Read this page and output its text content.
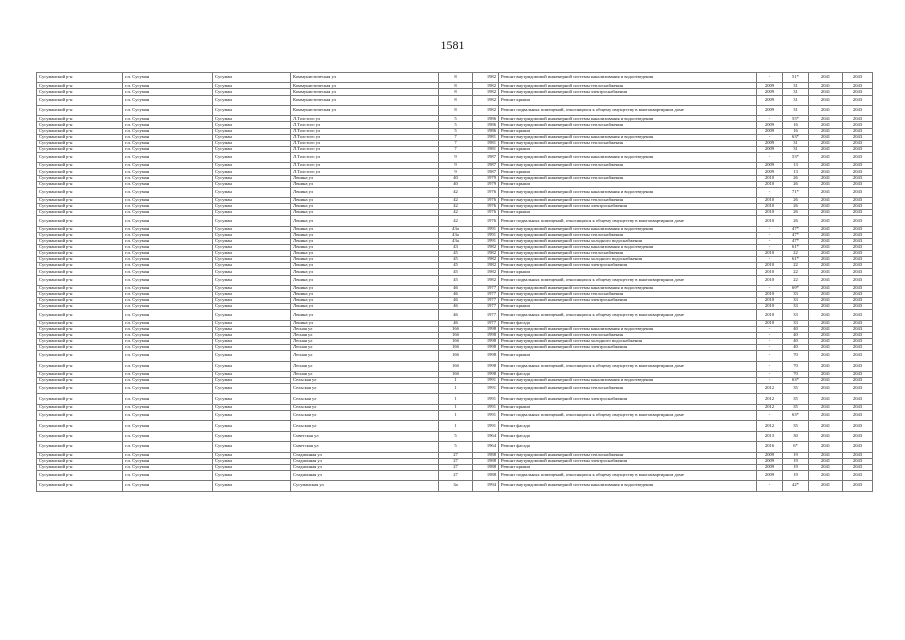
1581
Сусуманский р-н	г.п. Сусуман	Сусуман	Коммунистическая ул	8	1982	Ремонт внутридомовой инженерной системы канализования и водоотведения	-	51*	2041	2043
Сусуманский р-н	г.п. Сусуман	Сусуман	Коммунистическая ул	8	1982	Ремонт внутридомовой инженерной системы теплоснабжения	2009	31	2041	2043
Сусуманский р-н	г.п. Сусуман	Сусуман	Коммунистическая ул	8	1982	Ремонт внутридомовой инженерной системы электроснабжения	2009	31	2041	2043
Сусуманский р-н	г.п. Сусуман	Сусуман	Коммунистическая ул	8	1982	Ремонт крыши	2009	31	2041	2043
Сусуманский р-н	г.п. Сусуман	Сусуман	Коммунистическая ул	8	1982	Ремонт подвальных помещений, относящихся к общему имуществу в многоквартирном доме	2009	31	2041	2043
Сусуманский р-н	г.п. Сусуман	Сусуман	Л.Толстого ул	5	1986	Ремонт внутридомовой инженерной системы канализования и водоотведения	-	55*	2041	2043
Сусуманский р-н	г.п. Сусуман	Сусуман	Л.Толстого ул	5	1986	Ремонт внутридомовой инженерной системы теплоснабжения	2009	16	2041	2043
Сусуманский р-н	г.п. Сусуман	Сусуман	Л.Толстого ул	5	1986	Ремонт крыши	2009	16	2041	2043
Сусуманский р-н	г.п. Сусуман	Сусуман	Л.Толстого ул	7	1981	Ремонт внутридомовой инженерной системы канализования и водоотведения	-	63*	2041	2043
Сусуманский р-н	г.п. Сусуман	Сусуман	Л.Толстого ул	7	1981	Ремонт внутридомовой инженерной системы теплоснабжения	2009	31	2041	2043
Сусуманский р-н	г.п. Сусуман	Сусуман	Л.Толстого ул	7	1981	Ремонт крыши	2009	31	2041	2043
Сусуманский р-н	г.п. Сусуман	Сусуман	Л.Толстого ул	9	1987	Ремонт внутридомовой инженерной системы канализования и водоотведения	-	53*	2041	2043
Сусуманский р-н	г.п. Сусуман	Сусуман	Л.Толстого ул	9	1987	Ремонт внутридомовой инженерной системы теплоснабжения	2009	13	2041	2043
Сусуманский р-н	г.п. Сусуман	Сусуман	Л.Толстого ул	9	1987	Ремонт крыши	2009	13	2041	2043
Сусуманский р-н	г.п. Сусуман	Сусуман	Ленина ул	40	1979	Ремонт внутридомовой инженерной системы теплоснабжения	2010	26	2041	2043
Сусуманский р-н	г.п. Сусуман	Сусуман	Ленина ул	40	1979	Ремонт крыши	2010	26	2041	2043
Сусуманский р-н	г.п. Сусуман	Сусуман	Ленина ул	42	1976	Ремонт внутридомовой инженерной системы канализования и водоотведения	-	71*	2041	2043
Сусуманский р-н	г.п. Сусуман	Сусуман	Ленина ул	42	1976	Ремонт внутридомовой инженерной системы теплоснабжения	2010	26	2041	2043
Сусуманский р-н	г.п. Сусуман	Сусуман	Ленина ул	42	1976	Ремонт внутридомовой инженерной системы электроснабжения	2010	26	2041	2043
Сусуманский р-н	г.п. Сусуман	Сусуман	Ленина ул	42	1976	Ремонт крыши	2010	26	2041	2043
Сусуманский р-н	г.п. Сусуман	Сусуман	Ленина ул	42	1976	Ремонт подвальных помещений, относящихся к общему имуществу в многоквартирном доме	2010	26	2041	2043
Сусуманский р-н	г.п. Сусуман	Сусуман	Ленина ул	43а	1991	Ремонт внутридомовой инженерной системы канализования и водоотведения	-	47*	2041	2043
Сусуманский р-н	г.п. Сусуман	Сусуман	Ленина ул	43а	1991	Ремонт внутридомовой инженерной системы теплоснабжения	-	47*	2041	2043
Сусуманский р-н	г.п. Сусуман	Сусуман	Ленина ул	43а	1991	Ремонт внутридомовой инженерной системы холодного водоснабжения	-	47*	2041	2043
Сусуманский р-н	г.п. Сусуман	Сусуман	Ленина ул	43	1982	Ремонт внутридомовой инженерной системы канализования и водоотведения	-	61*	2041	2043
Сусуманский р-н	г.п. Сусуман	Сусуман	Ленина ул	45	1982	Ремонт внутридомовой инженерной системы теплоснабжения	2010	22	2041	2043
Сусуманский р-н	г.п. Сусуман	Сусуман	Ленина ул	45	1982	Ремонт внутридомовой инженерной системы холодного водоснабжения	-	61*	2041	2043
Сусуманский р-н	г.п. Сусуман	Сусуман	Ленина ул	45	1982	Ремонт внутридомовой инженерной системы электроснабжения	2010	22	2041	2043
Сусуманский р-н	г.п. Сусуман	Сусуман	Ленина ул	45	1982	Ремонт крыши	2010	22	2041	2043
Сусуманский р-н	г.п. Сусуман	Сусуман	Ленина ул	45	1982	Ремонт подвальных помещений, относящихся к общему имуществу в многоквартирном доме	2010	22	2041	2043
Сусуманский р-н	г.п. Сусуман	Сусуман	Ленина ул	46	1977	Ремонт внутридомовой инженерной системы канализования и водоотведения	-	69*	2041	2043
Сусуманский р-н	г.п. Сусуман	Сусуман	Ленина ул	46	1977	Ремонт внутридомовой инженерной системы теплоснабжения	2010	33	2041	2043
Сусуманский р-н	г.п. Сусуман	Сусуман	Ленина ул	46	1977	Ремонт внутридомовой инженерной системы электроснабжения	2010	33	2041	2043
Сусуманский р-н	г.п. Сусуман	Сусуман	Ленина ул	46	1977	Ремонт крыши	2010	33	2041	2043
Сусуманский р-н	г.п. Сусуман	Сусуман	Ленина ул	46	1977	Ремонт подвальных помещений, относящихся к общему имуществу в многоквартирном доме	2010	33	2041	2043
Сусуманский р-н	г.п. Сусуман	Сусуман	Ленина ул	46	1977	Ремонт фасада	2010	33	2041	2043
Сусуманский р-н	г.п. Сусуман	Сусуман	Лесная ул	16б	1998	Ремонт внутридомовой инженерной системы канализования и водоотведения	-	40	2041	2043
Сусуманский р-н	г.п. Сусуман	Сусуман	Лесная ул	16б	1998	Ремонт внутридомовой инженерной системы теплоснабжения	-	40	2041	2043
Сусуманский р-н	г.п. Сусуман	Сусуман	Лесная ул	16б	1998	Ремонт внутридомовой инженерной системы холодного водоснабжения	-	40	2041	2043
Сусуманский р-н	г.п. Сусуман	Сусуман	Лесная ул	16б	1998	Ремонт внутридомовой инженерной системы электроснабжения	-	40	2041	2043
Сусуманский р-н	г.п. Сусуман	Сусуман	Лесная ул	16б	1998	Ремонт крыши	-	70	2041	2043
Сусуманский р-н	г.п. Сусуман	Сусуман	Лесная ул	16б	1998	Ремонт подвальных помещений, относящихся к общему имуществу в многоквартирном доме	-	70	2041	2043
Сусуманский р-н	г.п. Сусуман	Сусуман	Лесная ул	16б	1998	Ремонт фасада	-	70	2041	2043
Сусуманский р-н	г.п. Сусуман	Сусуман	Сельская ул	1	1991	Ремонт внутридомовой инженерной системы канализования и водоотведения	-	63*	2041	2043
Сусуманский р-н	г.п. Сусуман	Сусуман	Сельская ул	1	1991	Ремонт внутридомовой инженерной системы теплоснабжения	2012	35	2041	2043
Сусуманский р-н	г.п. Сусуман	Сусуман	Сельская ул	1	1991	Ремонт внутридомовой инженерной системы электроснабжения	2012	35	2041	2043
Сусуманский р-н	г.п. Сусуман	Сусуман	Сельская ул	1	1991	Ремонт крыши	2012	35	2041	2043
Сусуманский р-н	г.п. Сусуман	Сусуман	Сельская ул	1	1991	Ремонт подвальных помещений, относящихся к общему имуществу в многоквартирном доме	-	63*	2041	2043
Сусуманский р-н	г.п. Сусуман	Сусуман	Сельская ул	1	1991	Ремонт фасада	2012	35	2041	2043
Сусуманский р-н	г.п. Сусуман	Сусуман	Советская ул	5	1964	Ремонт фасада	2013	30	2041	2043
Сусуманский р-н	г.п. Сусуман	Сусуман	Советская ул	5	1964	Ремонт фасада	2016	6*	2041	2043
Сусуманский р-н	г.п. Сусуман	Сусуман	Стадионная ул	27	1988	Ремонт внутридомовой инженерной системы теплоснабжения	2009	19	2041	2043
Сусуманский р-н	г.п. Сусуман	Сусуман	Стадионная ул	27	1988	Ремонт внутридомовой инженерной системы электроснабжения	2009	19	2041	2043
Сусуманский р-н	г.п. Сусуман	Сусуман	Стадионная ул	27	1988	Ремонт крыши	2009	19	2041	2043
Сусуманский р-н	г.п. Сусуман	Сусуман	Стадионная ул	27	1988	Ремонт подвальных помещений, относящихся к общему имуществу в многоквартирном доме	2009	19	2041	2043
Сусуманский р-н	г.п. Сусуман	Сусуман	Сусуманская ул	3а	1994	Ремонт внутридомовой инженерной системы канализования и водоотведения	-	42*	2041	2043
